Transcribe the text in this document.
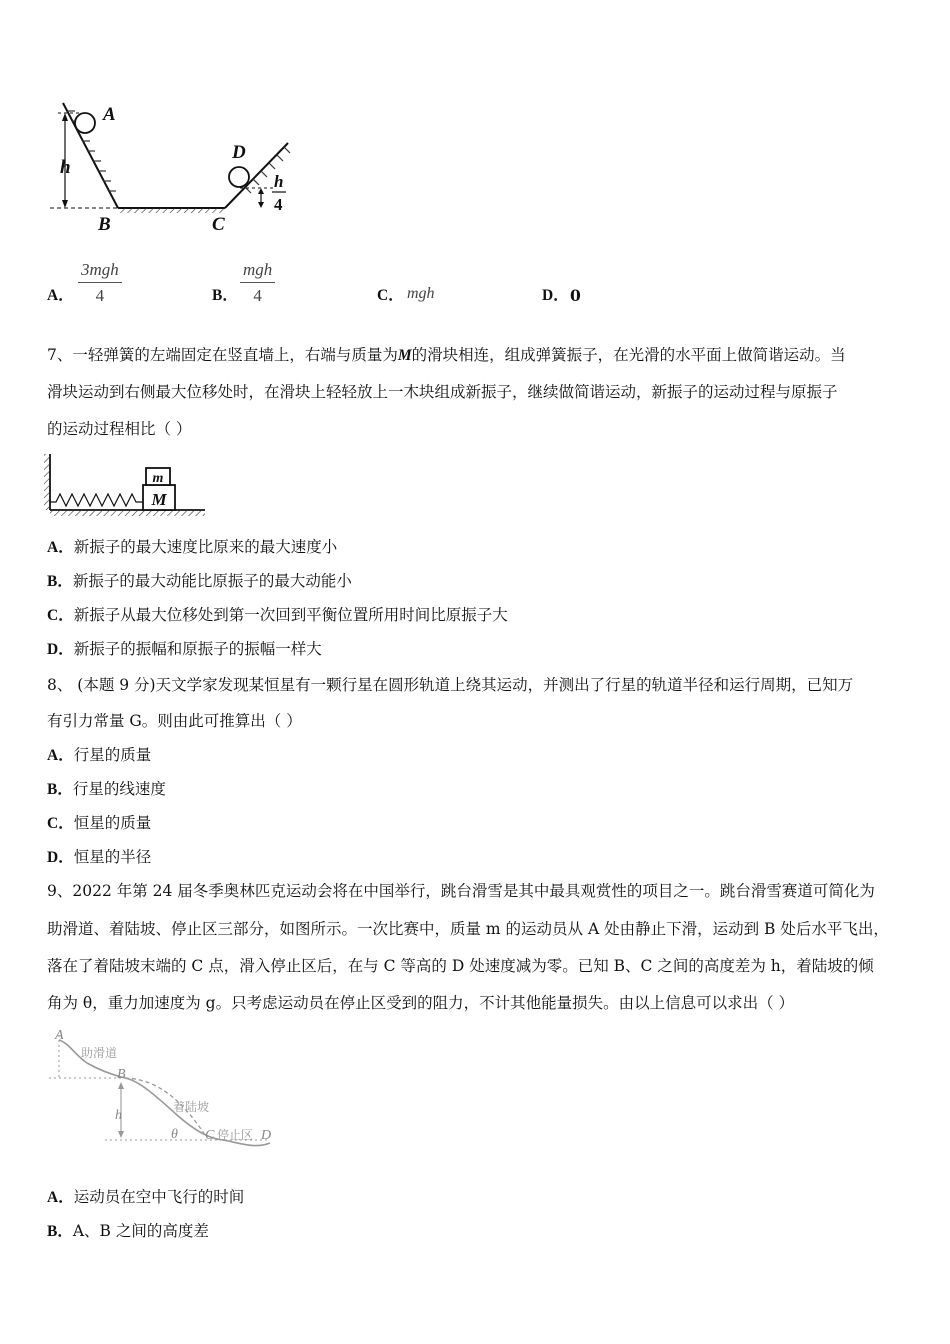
A
h
B	C
D
h
4
A．
3mgh
4	B．
mgh
4	C． mgh	D． 0
7、一轻弹簧的左端固定在竖直墙上，右端与质量为M的滑块相连，组成弹簧振子，在光滑的水平面上做简谐运动。当
滑块运动到右侧最大位移处时，在滑块上轻轻放上一木块组成新振子，继续做简谐运动，新振子的运动过程与原振子
的运动过程相比（ ）
M
m
A．新振子的最大速度比原来的最大速度小
B．新振子的最大动能比原振子的最大动能小
C．新振子从最大位移处到第一次回到平衡位置所用时间比原振子大
D．新振子的振幅和原振子的振幅一样大
8、 (本题 9 分)天文学家发现某恒星有一颗行星在圆形轨道上绕其运动，并测出了行星的轨道半径和运行周期，已知万
有引力常量 G。则由此可推算出（ ）
A．行星的质量
B．行星的线速度
C．恒星的质量
D．恒星的半径
9、2022 年第 24 届冬季奥林匹克运动会将在中国举行，跳台滑雪是其中最具观赏性的项目之一。跳台滑雪赛道可简化为
助滑道、着陆坡、停止区三部分，如图所示。一次比赛中，质量 m 的运动员从 A 处由静止下滑，运动到 B 处后水平飞出，
落在了着陆坡末端的 C 点，滑入停止区后，在与 C 等高的 D 处速度减为零。已知 B、C 之间的高度差为 h，着陆坡的倾
角为 θ，重力加速度为 g。只考虑运动员在停止区受到的阻力，不计其他能量损失。由以上信息可以求出（ ）
A
B
h
θ C	D
助滑道
着陆坡
停止区
A．运动员在空中飞行的时间
B．A、B 之间的高度差
